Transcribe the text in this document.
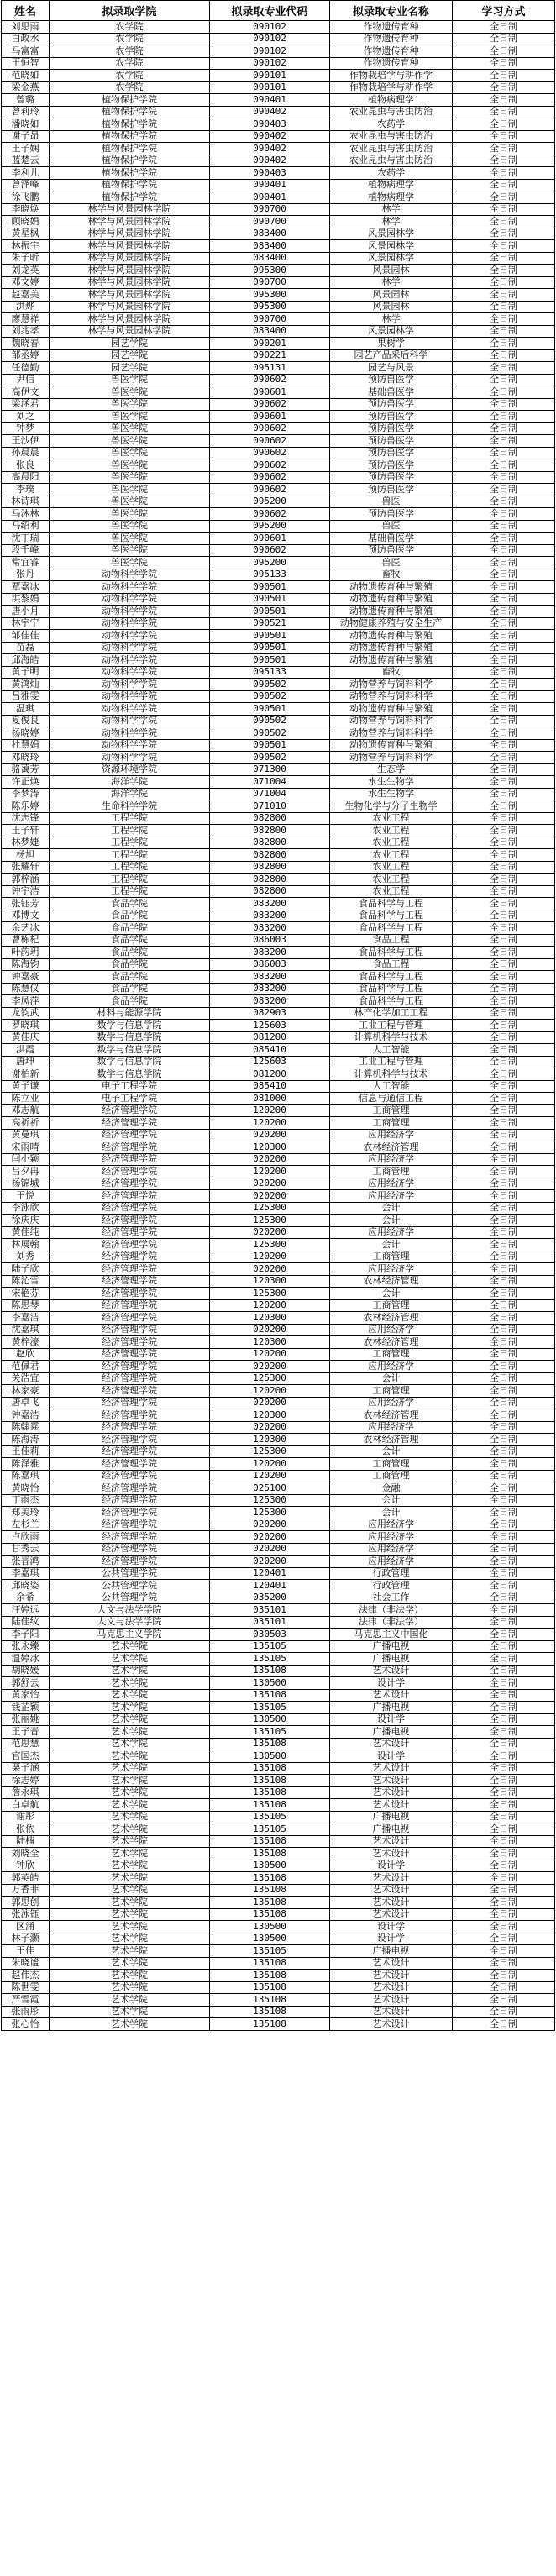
姓名	拟录取学院	拟录取专业代码	拟录取专业名称	学习方式
刘思雨	农学院	090102	作物遗传育种	全日制
白政水	农学院	090102	作物遗传育种	全日制
马富富	农学院	090102	作物遗传育种	全日制
王恒智	农学院	090102	作物遗传育种	全日制
范晓如	农学院	090101	作物栽培学与耕作学	全日制
梁金燕	农学院	090101	作物栽培学与耕作学	全日制
曾璐	植物保护学院	090401	植物病理学	全日制
曾莉玲	植物保护学院	090402	农业昆虫与害虫防治	全日制
潘晓如	植物保护学院	090403	农药学	全日制
谢子昂	植物保护学院	090402	农业昆虫与害虫防治	全日制
王子娴	植物保护学院	090402	农业昆虫与害虫防治	全日制
蓝楚云	植物保护学院	090402	农业昆虫与害虫防治	全日制
李利儿	植物保护学院	090403	农药学	全日制
曾泽峰	植物保护学院	090401	植物病理学	全日制
徐飞鹏	植物保护学院	090401	植物病理学	全日制
李晓焕	林学与风景园林学院	090700	林学	全日制
顾晓娟	林学与风景园林学院	090700	林学	全日制
黄星枫	林学与风景园林学院	083400	风景园林学	全日制
林振宇	林学与风景园林学院	083400	风景园林学	全日制
朱子昕	林学与风景园林学院	083400	风景园林学	全日制
刘龙英	林学与风景园林学院	095300	风景园林	全日制
邓文婷	林学与风景园林学院	090700	林学	全日制
赵嘉美	林学与风景园林学院	095300	风景园林	全日制
洪烨	林学与风景园林学院	095300	风景园林	全日制
廖慧祥	林学与风景园林学院	090700	林学	全日制
刘兆孝	林学与风景园林学院	083400	风景园林学	全日制
魏晓春	园艺学院	090201	果树学	全日制
邹丞婷	园艺学院	090221	园艺产品采后科学	全日制
任德勤	园艺学院	095131	园艺与风景	全日制
尹信	兽医学院	090602	预防兽医学	全日制
高伊文	兽医学院	090601	基础兽医学	全日制
梁涵君	兽医学院	090602	预防兽医学	全日制
刘之	兽医学院	090601	预防兽医学	全日制
钟梦	兽医学院	090602	预防兽医学	全日制
王沙伊	兽医学院	090602	预防兽医学	全日制
孙晨晨	兽医学院	090602	预防兽医学	全日制
张良	兽医学院	090602	预防兽医学	全日制
高晨阳	兽医学院	090602	预防兽医学	全日制
李璞	兽医学院	090602	预防兽医学	全日制
林诗琪	兽医学院	095200	兽医	全日制
马沐林	兽医学院	090602	预防兽医学	全日制
马绍利	兽医学院	095200	兽医	全日制
沈丁瑞	兽医学院	090601	基础兽医学	全日制
段千峰	兽医学院	090602	预防兽医学	全日制
常宜睿	兽医学院	095200	兽医	全日制
张丹	动物科学学院	095133	畜牧	全日制
覃嘉冰	动物科学学院	090501	动物遗传育种与繁殖	全日制
洪黎娟	动物科学学院	090501	动物遗传育种与繁殖	全日制
唐小月	动物科学学院	090501	动物遗传育种与繁殖	全日制
林宇宁	动物科学学院	090521	动物健康养殖与安全生产	全日制
邹佳佳	动物科学学院	090501	动物遗传育种与繁殖	全日制
苗磊	动物科学学院	090501	动物遗传育种与繁殖	全日制
邱海皓	动物科学学院	090501	动物遗传育种与繁殖	全日制
黄子明	动物科学学院	095133	畜牧	全日制
黄鸿灿	动物科学学院	090502	动物营养与饲料科学	全日制
吕雅雯	动物科学学院	090502	动物营养与饲料科学	全日制
温琪	动物科学学院	090501	动物遗传育种与繁殖	全日制
夏俊良	动物科学学院	090502	动物营养与饲料科学	全日制
杨晓婷	动物科学学院	090502	动物营养与饲料科学	全日制
杜慧娟	动物科学学院	090501	动物遗传育种与繁殖	全日制
邓晓玲	动物科学学院	090502	动物营养与饲料科学	全日制
骆蔼芳	资源环境学院	071300	生态学	全日制
许正焕	海洋学院	071004	水生生物学	全日制
李梦涛	海洋学院	071004	水生生物学	全日制
陈乐婷	生命科学学院	071010	生物化学与分子生物学	全日制
沈志锋	工程学院	082800	农业工程	全日制
王子轩	工程学院	082800	农业工程	全日制
林梦婕	工程学院	082800	农业工程	全日制
杨旭	工程学院	082800	农业工程	全日制
张耀轩	工程学院	082800	农业工程	全日制
郭梓涵	工程学院	082800	农业工程	全日制
钟宇浩	工程学院	082800	农业工程	全日制
张钰芳	食品学院	083200	食品科学与工程	全日制
邓博文	食品学院	083200	食品科学与工程	全日制
余艺冰	食品学院	083200	食品科学与工程	全日制
曹栋杞	食品学院	086003	食品工程	全日制
叶韵玥	食品学院	083200	食品科学与工程	全日制
陈海钧	食品学院	086003	食品工程	全日制
钟嘉豪	食品学院	083200	食品科学与工程	全日制
陈慧仪	食品学院	083200	食品科学与工程	全日制
李凤萍	食品学院	083200	食品科学与工程	全日制
龙钧武	材料与能源学院	082903	林产化学加工工程	全日制
罗晓琪	数学与信息学院	125603	工业工程与管理	全日制
黄佳庆	数学与信息学院	081200	计算机科学与技术	全日制
洪霞	数学与信息学院	085410	人工智能	全日制
唐坤	数学与信息学院	125603	工业工程与管理	全日制
谢柏新	数学与信息学院	081200	计算机科学与技术	全日制
黄子谦	电子工程学院	085410	人工智能	全日制
陈立业	电子工程学院	081000	信息与通信工程	全日制
邓志航	经济管理学院	120200	工商管理	全日制
高祈祈	经济管理学院	120200	工商管理	全日制
黄曼琪	经济管理学院	020200	应用经济学	全日制
宋雨晴	经济管理学院	120300	农林经济管理	全日制
闫小颖	经济管理学院	020200	应用经济学	全日制
吕夕冉	经济管理学院	120200	工商管理	全日制
杨锦城	经济管理学院	020200	应用经济学	全日制
王悦	经济管理学院	020200	应用经济学	全日制
李泳欣	经济管理学院	125300	会计	全日制
徐庆庆	经济管理学院	125300	会计	全日制
黄佳纯	经济管理学院	020200	应用经济学	全日制
林展翰	经济管理学院	125300	会计	全日制
刘秀	经济管理学院	120200	工商管理	全日制
陆子欣	经济管理学院	020200	应用经济学	全日制
陈沁雪	经济管理学院	120300	农林经济管理	全日制
宋艳芬	经济管理学院	125300	会计	全日制
陈思琴	经济管理学院	120200	工商管理	全日制
李嘉洁	经济管理学院	120300	农林经济管理	全日制
沈嘉琪	经济管理学院	020200	应用经济学	全日制
黄梓濠	经济管理学院	120300	农林经济管理	全日制
赵欣	经济管理学院	120200	工商管理	全日制
范佩君	经济管理学院	020200	应用经济学	全日制
关浩宜	经济管理学院	125300	会计	全日制
林家豪	经济管理学院	120200	工商管理	全日制
唐卓飞	经济管理学院	020200	应用经济学	全日制
钟嘉浩	经济管理学院	120300	农林经济管理	全日制
陈翰霆	经济管理学院	020200	应用经济学	全日制
陈海涛	经济管理学院	120300	农林经济管理	全日制
王佳莉	经济管理学院	125300	会计	全日制
陈泽雅	经济管理学院	120200	工商管理	全日制
陈嘉琪	经济管理学院	120200	工商管理	全日制
黄晓怡	经济管理学院	025100	金融	全日制
丁雨杰	经济管理学院	125300	会计	全日制
郑美玲	经济管理学院	125300	会计	全日制
左杉兰	经济管理学院	020200	应用经济学	全日制
卢欣雨	经济管理学院	020200	应用经济学	全日制
甘秀云	经济管理学院	020200	应用经济学	全日制
张晋鸿	经济管理学院	020200	应用经济学	全日制
李嘉琪	公共管理学院	120401	行政管理	全日制
邱晓姿	公共管理学院	120401	行政管理	全日制
余希	公共管理学院	035200	社会工作	全日制
汪婷远	人文与法学学院	035101	法律（非法学）	全日制
陆佳纹	人文与法学学院	035101	法律（非法学）	全日制
李子阳	马克思主义学院	030503	马克思主义中国化	全日制
张永臻	艺术学院	135105	广播电视	全日制
温婷冰	艺术学院	135105	广播电视	全日制
胡晓媛	艺术学院	135108	艺术设计	全日制
郭舒云	艺术学院	130500	设计学	全日制
黄家怡	艺术学院	135108	艺术设计	全日制
钱芷颖	艺术学院	135105	广播电视	全日制
张丽姚	艺术学院	130500	设计学	全日制
王子晋	艺术学院	135105	广播电视	全日制
范思慧	艺术学院	135108	艺术设计	全日制
官国杰	艺术学院	130500	设计学	全日制
栗子涵	艺术学院	135108	艺术设计	全日制
徐志婷	艺术学院	135108	艺术设计	全日制
詹永琪	艺术学院	135108	艺术设计	全日制
白卓航	艺术学院	135108	艺术设计	全日制
谢彤	艺术学院	135105	广播电视	全日制
张依	艺术学院	135105	广播电视	全日制
陆楠	艺术学院	135108	艺术设计	全日制
刘晓全	艺术学院	135108	艺术设计	全日制
钟欣	艺术学院	130500	设计学	全日制
郭英皓	艺术学院	135108	艺术设计	全日制
万香菲	艺术学院	135108	艺术设计	全日制
郭思创	艺术学院	135108	艺术设计	全日制
张泳钰	艺术学院	135108	艺术设计	全日制
区涌	艺术学院	130500	设计学	全日制
林子灏	艺术学院	130500	设计学	全日制
王佳	艺术学院	135105	广播电视	全日制
朱晓谧	艺术学院	135108	艺术设计	全日制
赵伟杰	艺术学院	135108	艺术设计	全日制
陈世雯	艺术学院	135108	艺术设计	全日制
严雪霞	艺术学院	135108	艺术设计	全日制
张雨彤	艺术学院	135108	艺术设计	全日制
张心怡	艺术学院	135108	艺术设计	全日制
